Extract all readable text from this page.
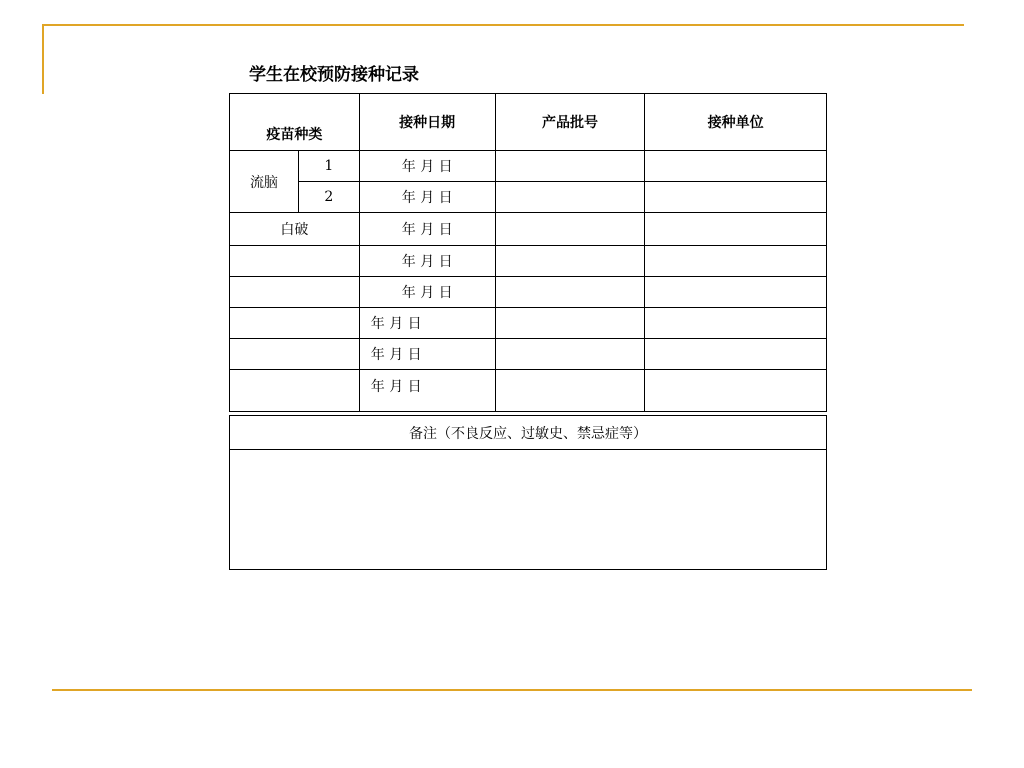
学生在校预防接种记录
疫苗种类		接种日期	产品批号	接种单位
流脑	1	年 月 日		
	2	年 月 日		
白破		年 月 日		
		年 月 日		
		年 月 日		
		年 月 日		
		年 月 日		
		年 月 日		
备注（不良反应、过敏史、禁忌症等）
